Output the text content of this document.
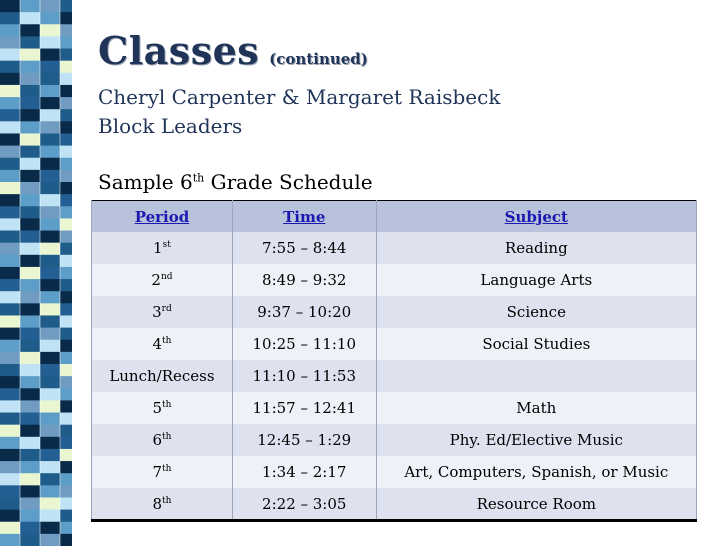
Classes (continued)
Cheryl Carpenter & Margaret Raisbeck
Block Leaders
Sample 6th Grade Schedule
Period	Time	Subject
1st	7:55 – 8:44	Reading
2nd	8:49 – 9:32	Language Arts
3rd	9:37 – 10:20	Science
4th	10:25 – 11:10	Social Studies
Lunch/Recess	11:10 – 11:53	
5th	11:57 – 12:41	Math
6th	12:45 – 1:29	Phy. Ed/Elective Music
7th	1:34 – 2:17	Art, Computers, Spanish, or Music
8th	2:22 – 3:05	Resource Room
